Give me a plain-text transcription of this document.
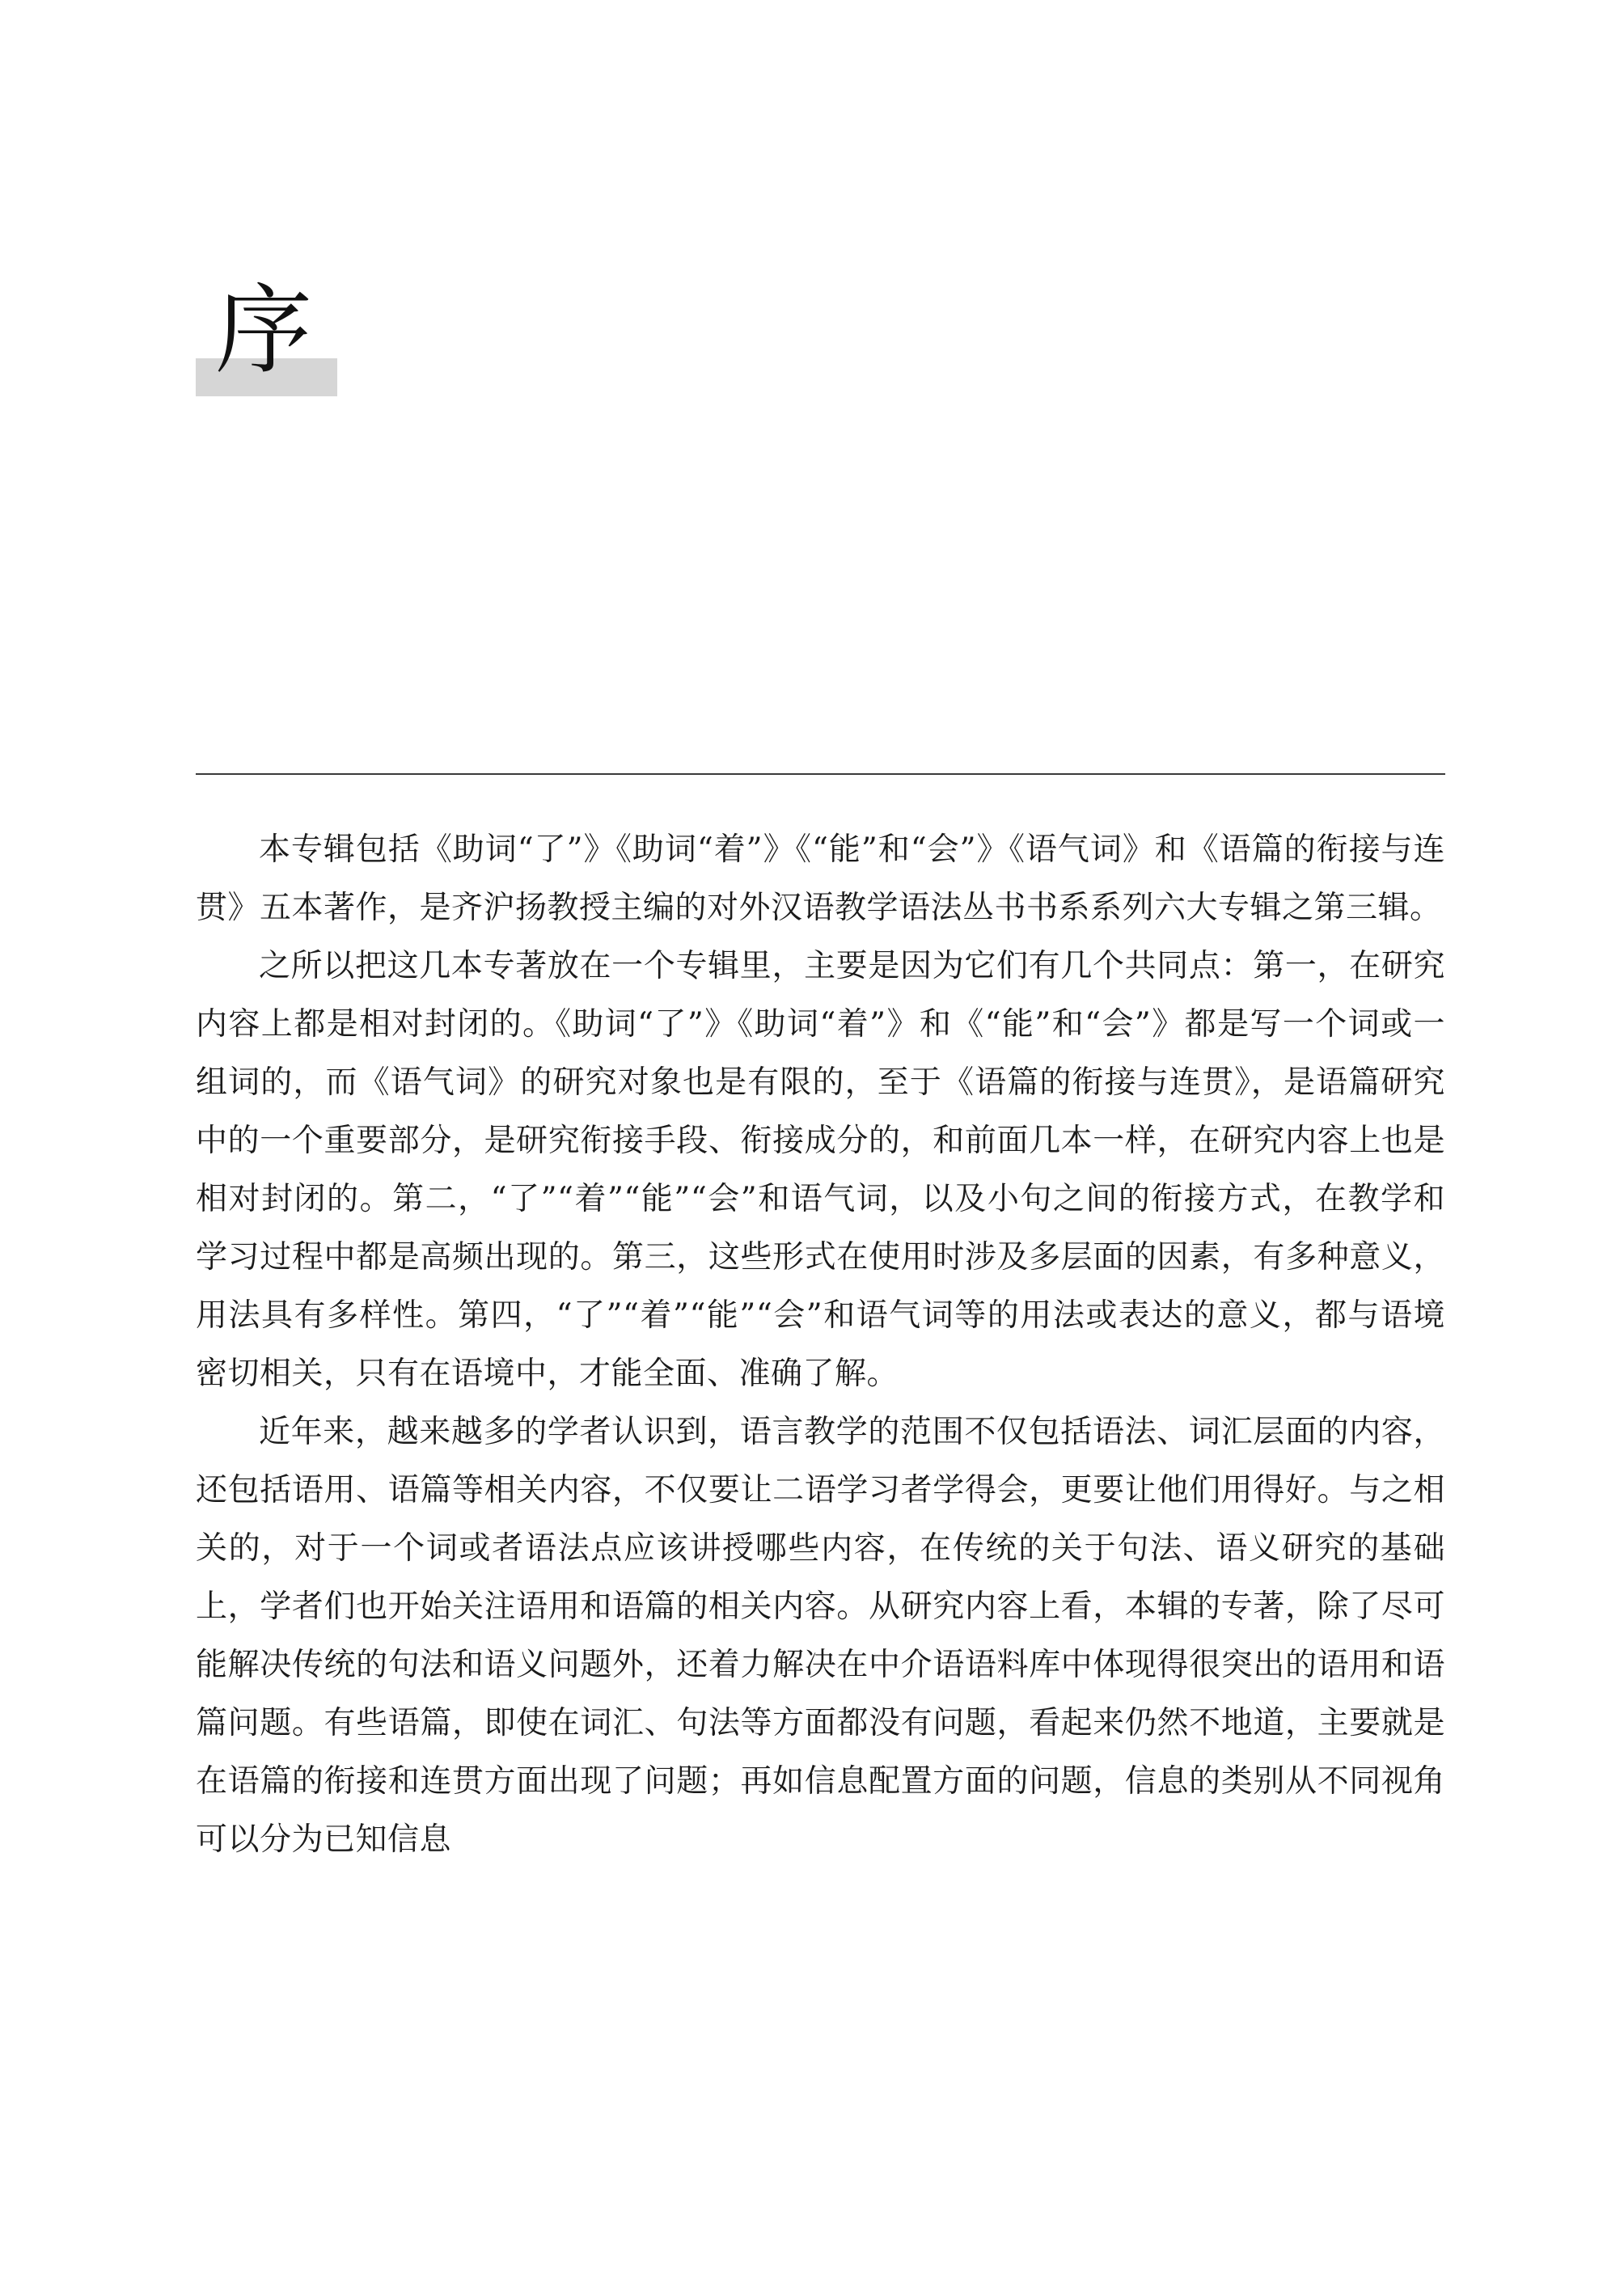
序

本专辑包括《助词“了”》《助词“着”》《“能”和“会”》《语气词》和《语篇的衔接与连贯》五本著作，是齐沪扬教授主编的对外汉语教学语法丛书书系系列六大专辑之第三辑。

之所以把这几本专著放在一个专辑里，主要是因为它们有几个共同点：第一，在研究内容上都是相对封闭的。《助词“了”》《助词“着”》和《“能”和“会”》都是写一个词或一组词的，而《语气词》的研究对象也是有限的，至于《语篇的衔接与连贯》，是语篇研究中的一个重要部分，是研究衔接手段、衔接成分的，和前面几本一样，在研究内容上也是相对封闭的。第二，“了”“着”“能”“会”和语气词，以及小句之间的衔接方式，在教学和学习过程中都是高频出现的。第三，这些形式在使用时涉及多层面的因素，有多种意义，用法具有多样性。第四，“了”“着”“能”“会”和语气词等的用法或表达的意义，都与语境密切相关，只有在语境中，才能全面、准确了解。

近年来，越来越多的学者认识到，语言教学的范围不仅包括语法、词汇层面的内容，还包括语用、语篇等相关内容，不仅要让二语学习者学得会，更要让他们用得好。与之相关的，对于一个词或者语法点应该讲授哪些内容，在传统的关于句法、语义研究的基础上，学者们也开始关注语用和语篇的相关内容。从研究内容上看，本辑的专著，除了尽可能解决传统的句法和语义问题外，还着力解决在中介语语料库中体现得很突出的语用和语篇问题。有些语篇，即使在词汇、句法等方面都没有问题，看起来仍然不地道，主要就是在语篇的衔接和连贯方面出现了问题；再如信息配置方面的问题，信息的类别从不同视角可以分为已知信息
